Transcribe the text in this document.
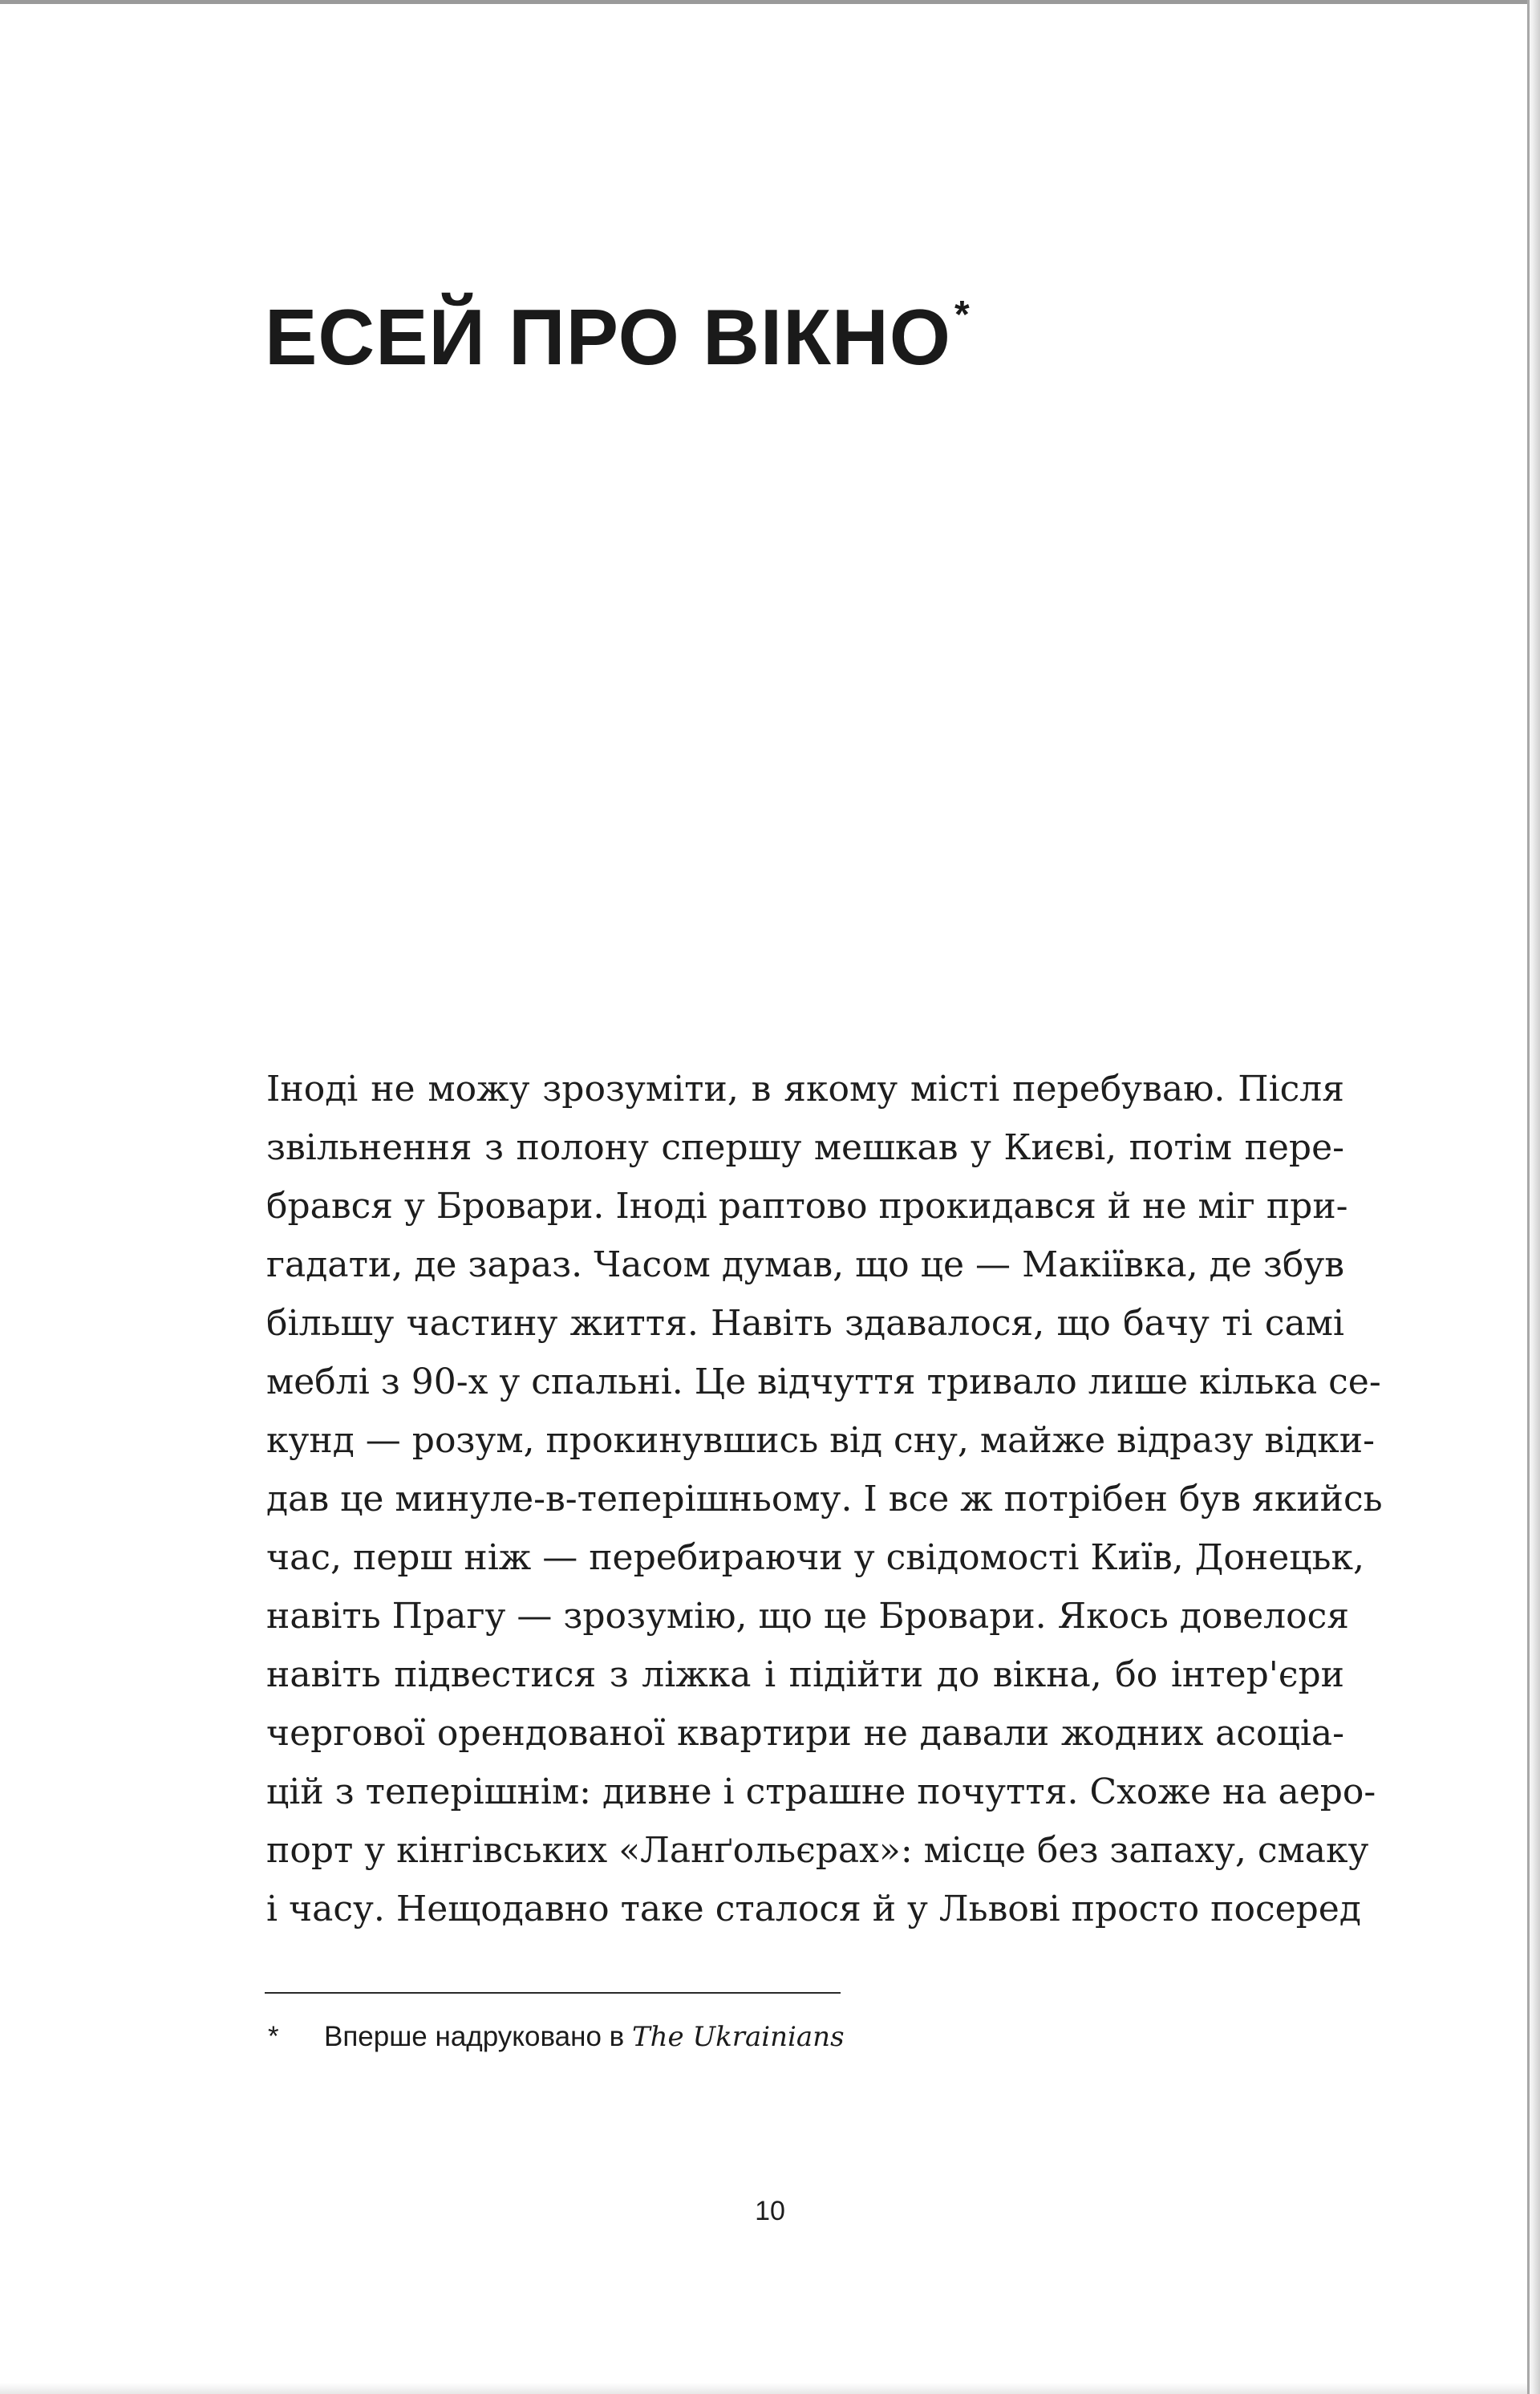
ЕСЕЙ ПРО ВІКНО*
Іноді не можу зрозуміти, в якому місті перебуваю. Після
звільнення з полону спершу мешкав у Києві, потім пере-
брався у Бровари. Іноді раптово прокидався й не міг при-
гадати, де зараз. Часом думав, що це — Макіївка, де збув
більшу частину життя. Навіть здавалося, що бачу ті самі
меблі з 90-х у спальні. Це відчуття тривало лише кілька се-
кунд — розум, прокинувшись від сну, майже відразу відки-
дав це минуле-в-теперішньому. І все ж потрібен був якийсь
час, перш ніж — перебираючи у свідомості Київ, Донецьк,
навіть Прагу — зрозумію, що це Бровари. Якось довелося
навіть підвестися з ліжка і підійти до вікна, бо інтер'єри
чергової орендованої квартири не давали жодних асоціа-
цій з теперішнім: дивне і страшне почуття. Схоже на аеро-
порт у кінгівських «Ланґольєрах»: місце без запаху, смаку
і часу. Нещодавно таке сталося й у Львові просто посеред
* Вперше надруковано в The Ukrainians
10
